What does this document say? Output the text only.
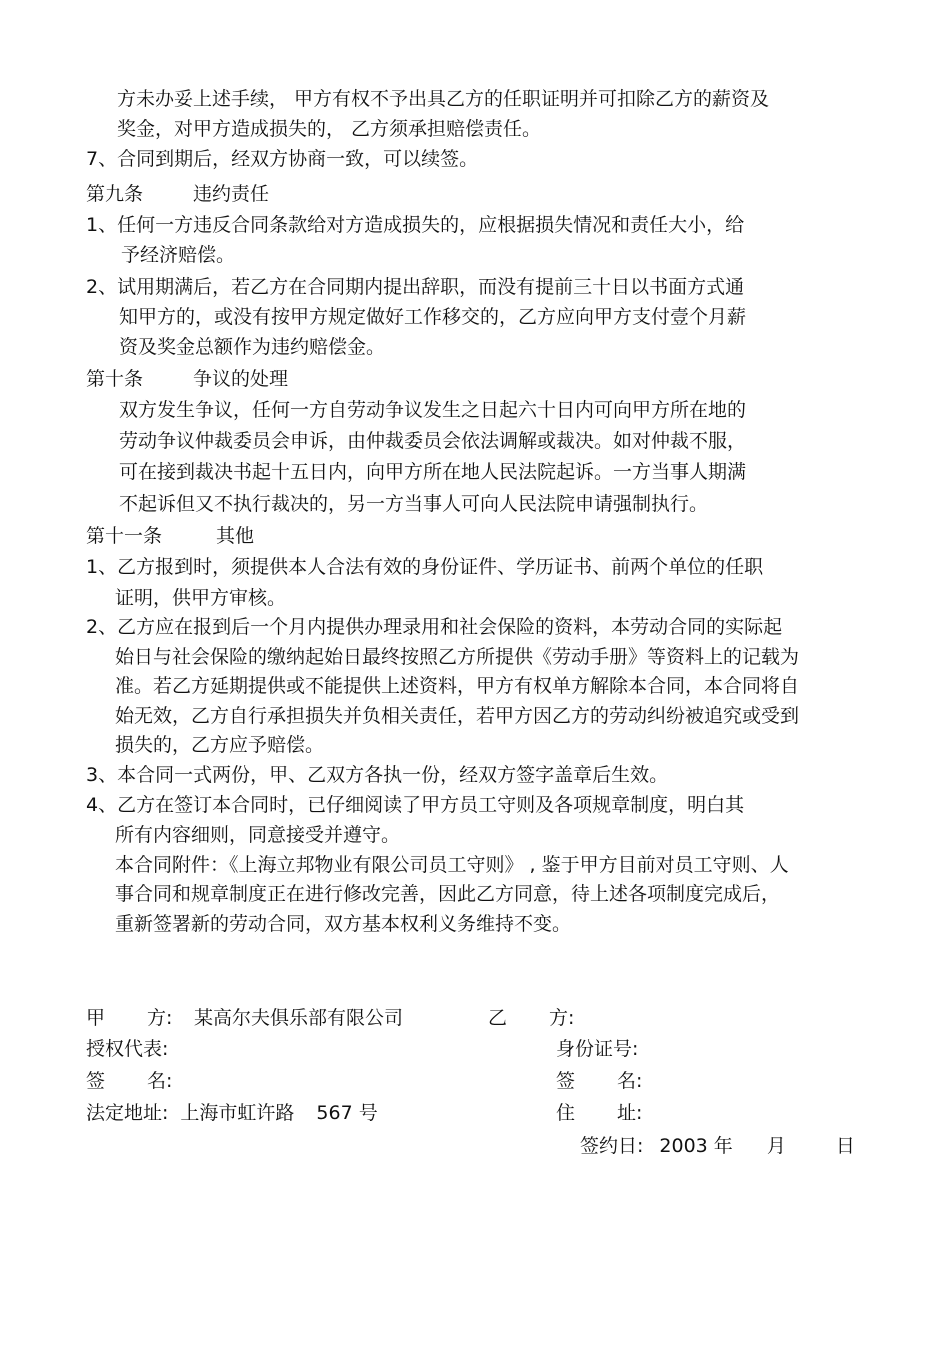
方未办妥上述手续， 甲方有权不予出具乙方的任职证明并可扣除乙方的薪资及
奖金，对甲方造成损失的， 乙方须承担赔偿责任。
7、合同到期后，经双方协商一致，可以续签。
第九条	违约责任
1、任何一方违反合同条款给对方造成损失的，应根据损失情况和责任大小，给
予经济赔偿。
2、试用期满后，若乙方在合同期内提出辞职，而没有提前三十日以书面方式通
知甲方的，或没有按甲方规定做好工作移交的，乙方应向甲方支付壹个月薪
资及奖金总额作为违约赔偿金。
第十条	争议的处理
双方发生争议，任何一方自劳动争议发生之日起六十日内可向甲方所在地的
劳动争议仲裁委员会申诉，由仲裁委员会依法调解或裁决。如对仲裁不服，
可在接到裁决书起十五日内，向甲方所在地人民法院起诉。一方当事人期满
不起诉但又不执行裁决的，另一方当事人可向人民法院申请强制执行。
第十一条	其他
1、乙方报到时，须提供本人合法有效的身份证件、学历证书、前两个单位的任职
证明，供甲方审核。
2、乙方应在报到后一个月内提供办理录用和社会保险的资料，本劳动合同的实际起
始日与社会保险的缴纳起始日最终按照乙方所提供《劳动手册》等资料上的记载为
准。若乙方延期提供或不能提供上述资料，甲方有权单方解除本合同，本合同将自
始无效，乙方自行承担损失并负相关责任，若甲方因乙方的劳动纠纷被追究或受到
损失的，乙方应予赔偿。
3、本合同一式两份，甲、乙双方各执一份，经双方签字盖章后生效。
4、乙方在签订本合同时，已仔细阅读了甲方员工守则及各项规章制度，明白其
所有内容细则，同意接受并遵守。
本合同附件：《上海立邦物业有限公司员工守则》 , 鉴于甲方目前对员工守则、人
事合同和规章制度正在进行修改完善，因此乙方同意，待上述各项制度完成后，
重新签署新的劳动合同，双方基本权利义务维持不变。
甲 方: 某高尔夫俱乐部有限公司	乙 方:
授权代表:	身份证号:
签 名:	签 名:
法定地址: 上海市虹许路 567 号	住 址:
签约日: 2003 年 月	日
